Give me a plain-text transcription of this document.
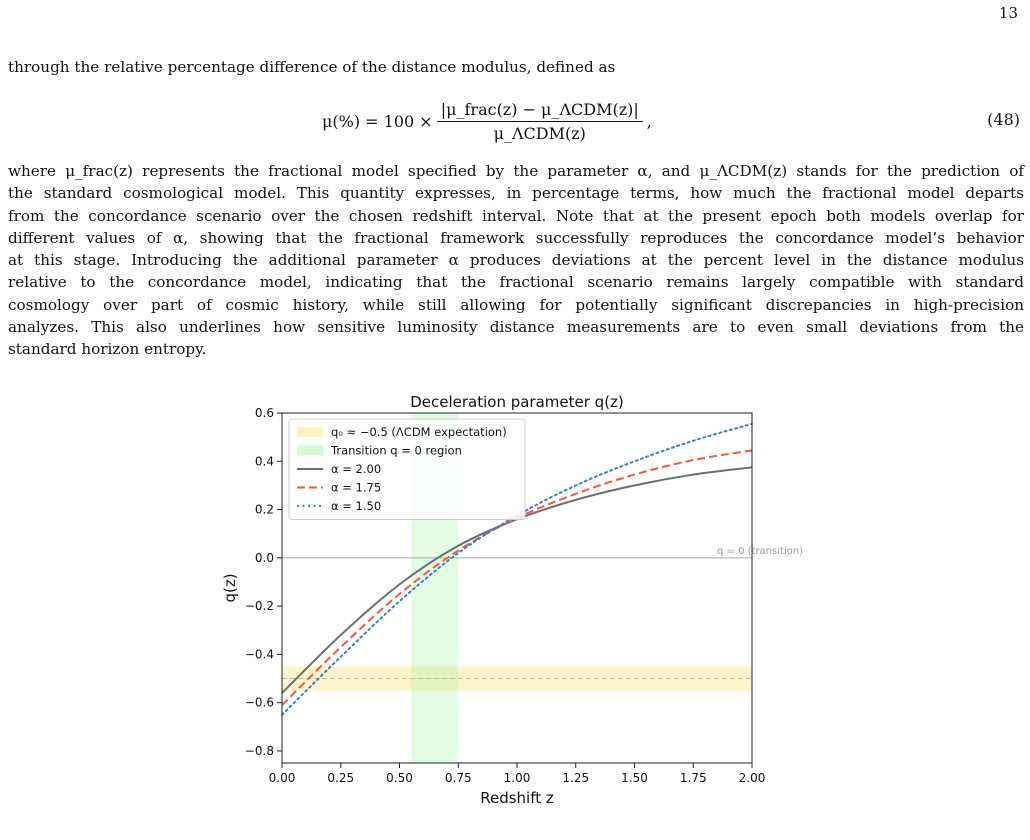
13
through the relative percentage difference of the distance modulus, defined as
$\mu(\%) = 100 \times \frac{\text{|μ\_frac(z) − μ\_ΛCDM(z)|}}{\text{μ\_ΛCDM(z)}}$ ,	(48)
where μ_frac(z) represents the fractional model specified by the parameter α, and μ_ΛCDM(z) stands for the prediction of
the standard cosmological model. This quantity expresses, in percentage terms, how much the fractional model departs
from the concordance scenario over the chosen redshift interval. Note that at the present epoch both models overlap for
different values of α, showing that the fractional framework successfully reproduces the concordance model’s behavior
at this stage. Introducing the additional parameter α produces deviations at the percent level in the distance modulus
relative to the concordance model, indicating that the fractional scenario remains largely compatible with standard
cosmology over part of cosmic history, while still allowing for potentially significant discrepancies in high-precision
analyzes. This also underlines how sensitive luminosity distance measurements are to even small deviations from the
standard horizon entropy.
0.00	0.25	0.50	0.75	1.00	1.25	1.50	1.75	2.00
−0.8
−0.6
−0.4
−0.2
0.0
0.2
0.4
0.6
Deceleration parameter q(z)
Redshift z
q(z)
q = 0 (transition)
q₀ ≈ −0.5 (ΛCDM expectation)
Transition q = 0 region
α = 2.00
α = 1.75
α = 1.50
